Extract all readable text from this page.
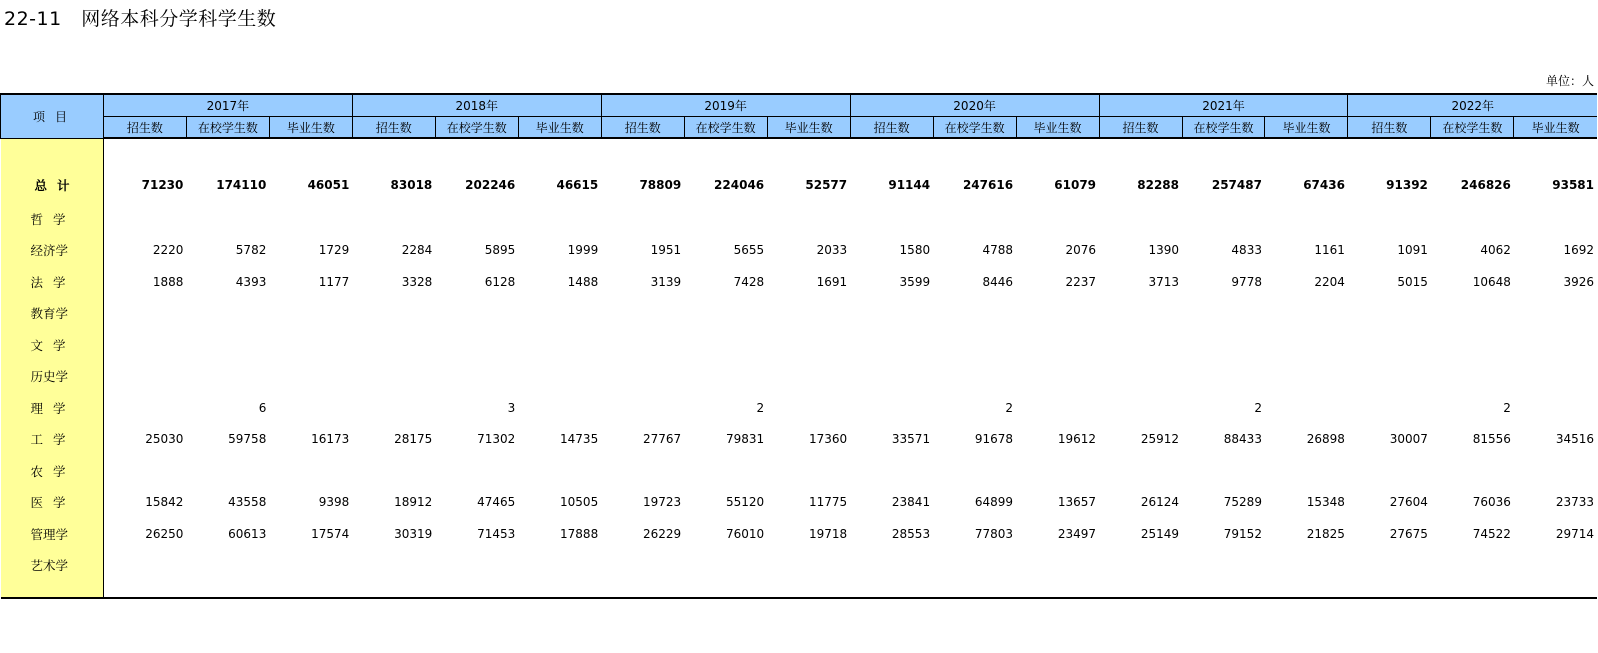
22-11　网络本科分学科学生数
单位：人
项目	2017年			2018年			2019年			2020年			2021年			2022年		
	招生数	在校学生数	毕业生数	招生数	在校学生数	毕业生数	招生数	在校学生数	毕业生数	招生数	在校学生数	毕业生数	招生数	在校学生数	毕业生数	招生数	在校学生数	毕业生数

总计	71230	174110	46051	83018	202246	46615	78809	224046	52577	91144	247616	61079	82288	257487	67436	91392	246826	93581
哲学																		
经济学	2220	5782	1729	2284	5895	1999	1951	5655	2033	1580	4788	2076	1390	4833	1161	1091	4062	1692
法学	1888	4393	1177	3328	6128	1488	3139	7428	1691	3599	8446	2237	3713	9778	2204	5015	10648	3926
教育学																		
文学																		
历史学																		
理学		6			3			2			2			2			2	
工学	25030	59758	16173	28175	71302	14735	27767	79831	17360	33571	91678	19612	25912	88433	26898	30007	81556	34516
农学																		
医学	15842	43558	9398	18912	47465	10505	19723	55120	11775	23841	64899	13657	26124	75289	15348	27604	76036	23733
管理学	26250	60613	17574	30319	71453	17888	26229	76010	19718	28553	77803	23497	25149	79152	21825	27675	74522	29714
艺术学																		
